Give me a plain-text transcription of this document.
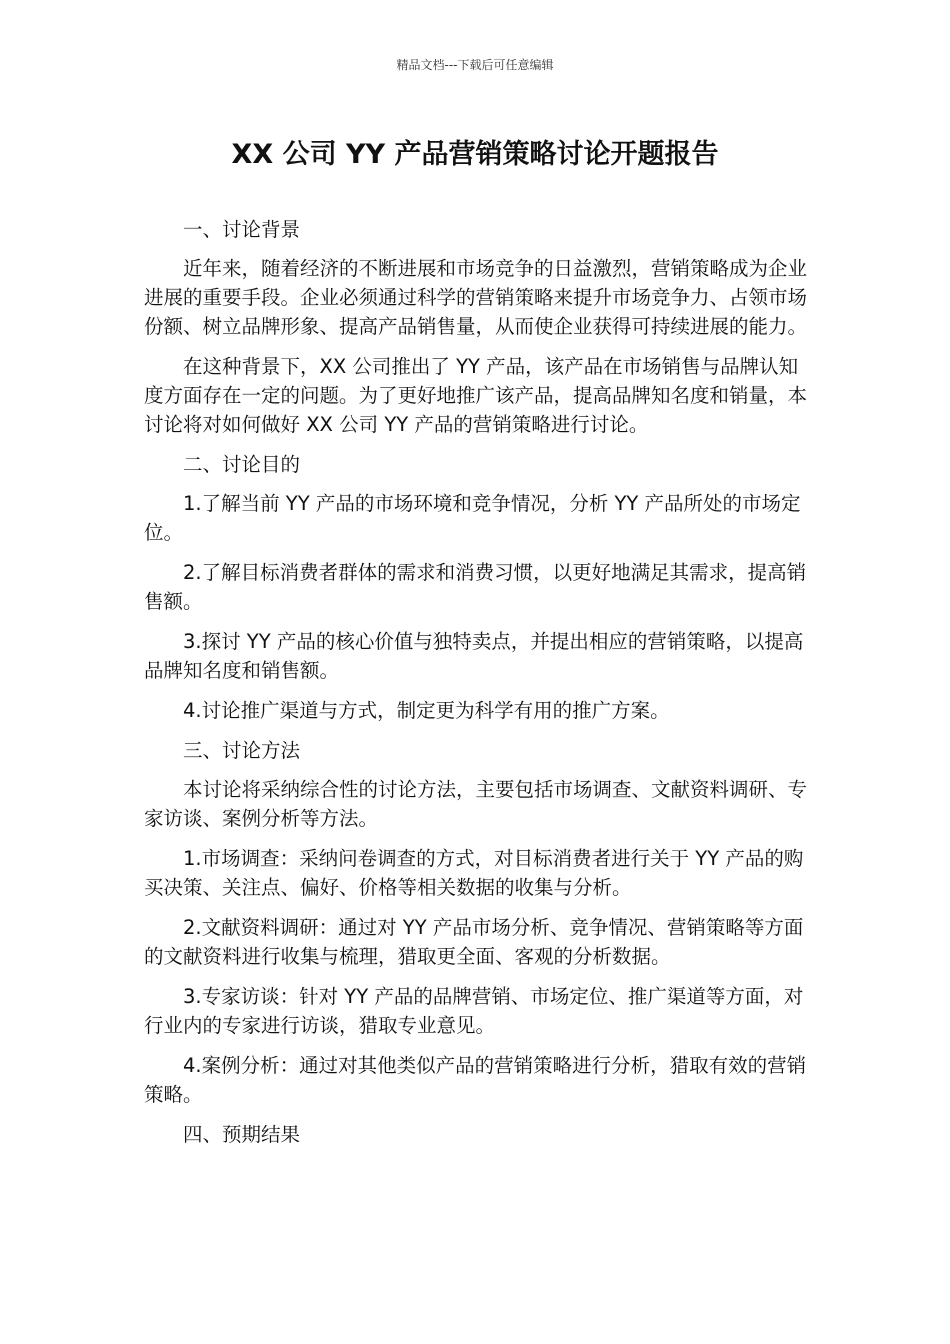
精品文档---下载后可任意编辑
XX 公司 YY 产品营销策略讨论开题报告

一、讨论背景

近年来，随着经济的不断进展和市场竞争的日益激烈，营销策略成为企业进展的重要手段。企业必须通过科学的营销策略来提升市场竞争力、占领市场份额、树立品牌形象、提高产品销售量，从而使企业获得可持续进展的能力。

在这种背景下，XX 公司推出了 YY 产品，该产品在市场销售与品牌认知度方面存在一定的问题。为了更好地推广该产品，提高品牌知名度和销量，本讨论将对如何做好 XX 公司 YY 产品的营销策略进行讨论。

二、讨论目的

1.了解当前 YY 产品的市场环境和竞争情况，分析 YY 产品所处的市场定位。

2.了解目标消费者群体的需求和消费习惯，以更好地满足其需求，提高销售额。

3.探讨 YY 产品的核心价值与独特卖点，并提出相应的营销策略，以提高品牌知名度和销售额。

4.讨论推广渠道与方式，制定更为科学有用的推广方案。

三、讨论方法

本讨论将采纳综合性的讨论方法，主要包括市场调查、文献资料调研、专家访谈、案例分析等方法。

1.市场调查：采纳问卷调查的方式，对目标消费者进行关于 YY 产品的购买决策、关注点、偏好、价格等相关数据的收集与分析。

2.文献资料调研：通过对 YY 产品市场分析、竞争情况、营销策略等方面的文献资料进行收集与梳理，猎取更全面、客观的分析数据。

3.专家访谈：针对 YY 产品的品牌营销、市场定位、推广渠道等方面，对行业内的专家进行访谈，猎取专业意见。

4.案例分析：通过对其他类似产品的营销策略进行分析，猎取有效的营销策略。

四、预期结果
